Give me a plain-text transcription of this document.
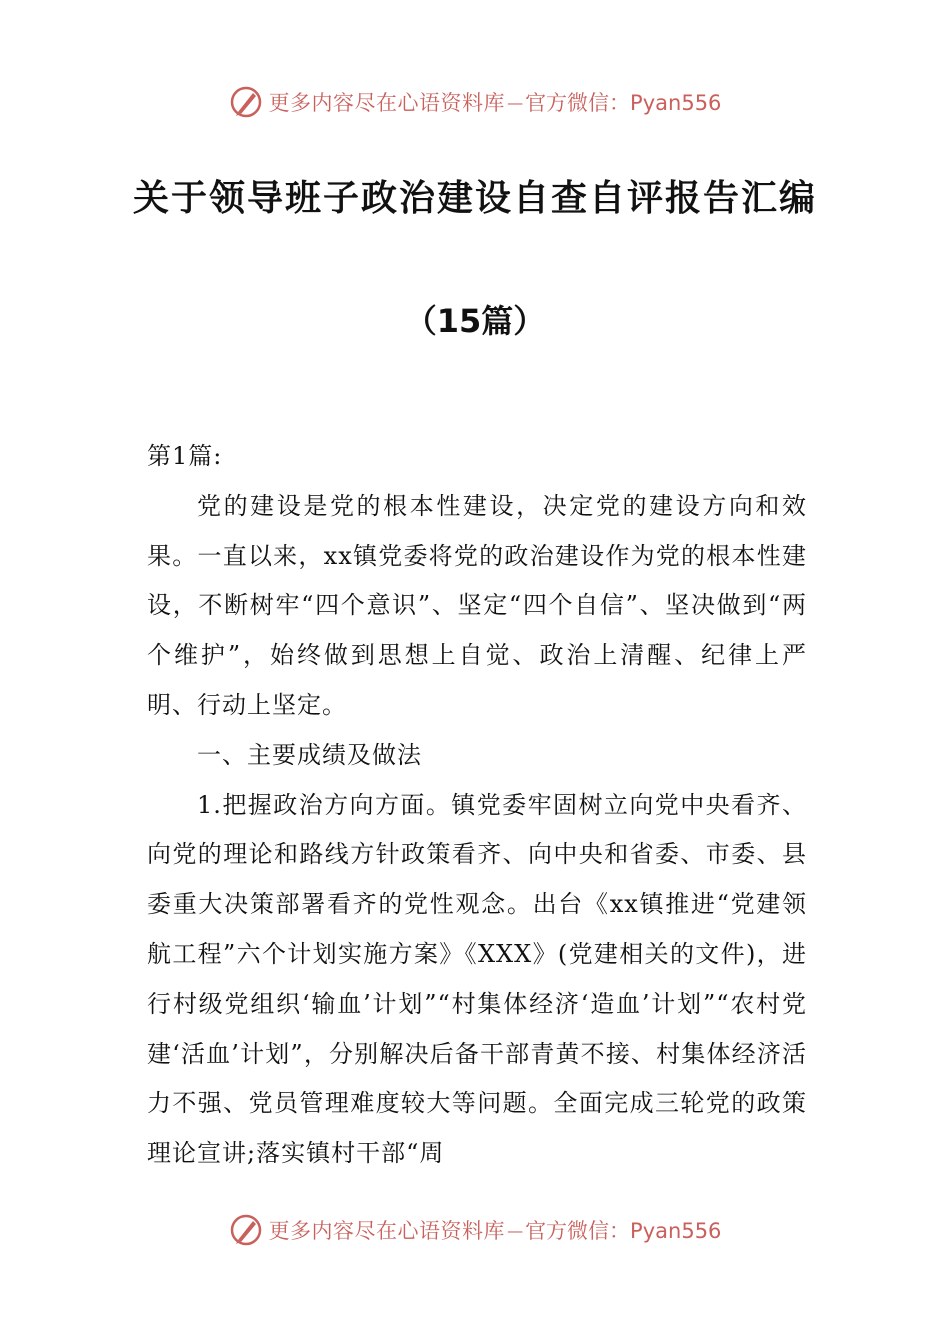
更多内容尽在心语资料库 — 官方微信：Pyan556
关于领导班子政治建设自查自评报告汇编
（15篇）

第1篇:

党的建设是党的根本性建设，决定党的建设方向和效果。一直以来，xx镇党委将党的政治建设作为党的根本性建设，不断树牢“四个意识”、坚定“四个自信”、坚决做到“两个维护”，始终做到思想上自觉、政治上清醒、纪律上严明、行动上坚定。

一、主要成绩及做法

1.把握政治方向方面。镇党委牢固树立向党中央看齐、向党的理论和路线方针政策看齐、向中央和省委、市委、县委重大决策部署看齐的党性观念。出台《xx镇推进“党建领航工程”六个计划实施方案》《XXX》(党建相关的文件)，进行村级党组织‘输血’计划”“村集体经济‘造血’计划”“农村党建‘活血’计划”，分别解决后备干部青黄不接、村集体经济活力不强、党员管理难度较大等问题。全面完成三轮党的政策理论宣讲;落实镇村干部“周

更多内容尽在心语资料库 — 官方微信：Pyan556
